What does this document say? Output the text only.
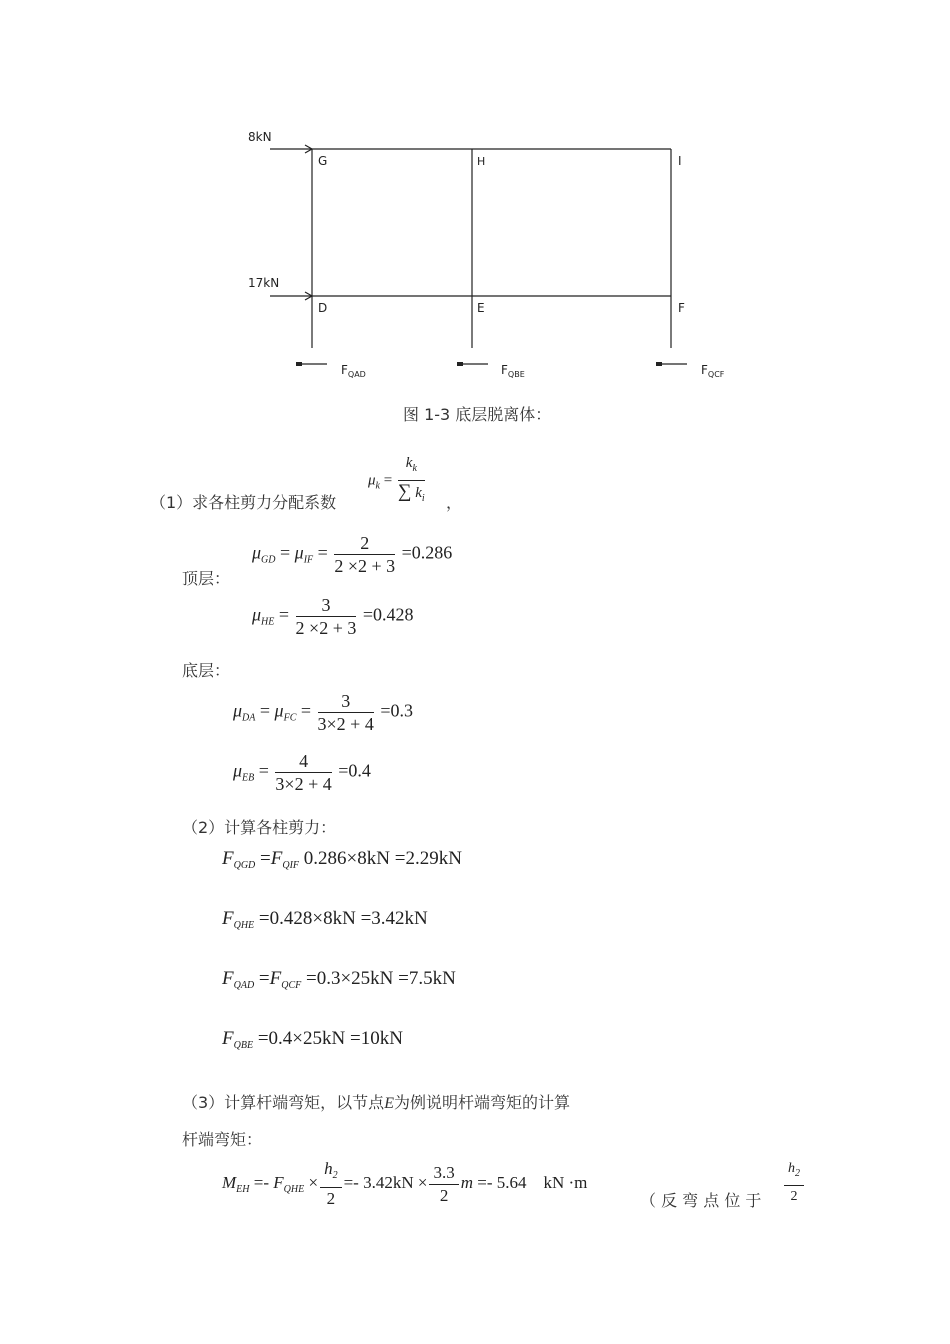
8kN
17kN
G	H	I
D	E	F
$F_{QAD}$	$F_{QBE}$	$F_{QCF}$
图 1-3 底层脱离体：
$\mu_k = \frac{k_k}{\sum k_i}$
（1）求各柱剪力分配系数	，
顶层：
$\mu_{GD} = \mu_{IF} = \frac{2}{2 \times 2 + 3} =0.286$
$\mu_{HE} = \frac{3}{2 \times 2 + 3} =0.428$
底层：
$\mu_{DA} = \mu_{FC} = \frac{3}{3\times 2 + 4} =0.3$
$\mu_{EB} = \frac{4}{3\times 2 + 4} =0.4$
（2）计算各柱剪力：
$F_{QGD} =F_{QIF}$ 0.286×8kN =2.29kN
$F_{QHE} =0.428\times 8kN =3.42kN$
$F_{QAD} =F_{QCF} =0.3\times 25kN =7.5kN$
$F_{QBE} =0.4\times 25kN =10kN$
（3）计算杆端弯矩，以节点E为例说明杆端弯矩的计算
杆端弯矩：
$M_{EH} =- F_{QHE} \times \frac{h_2}{2} =- 3.42kN \times \frac{3.3}{2}$ m =- 5.64 kN ·m
（ 反 弯 点 位 于 $\frac{h_2}{2}$
